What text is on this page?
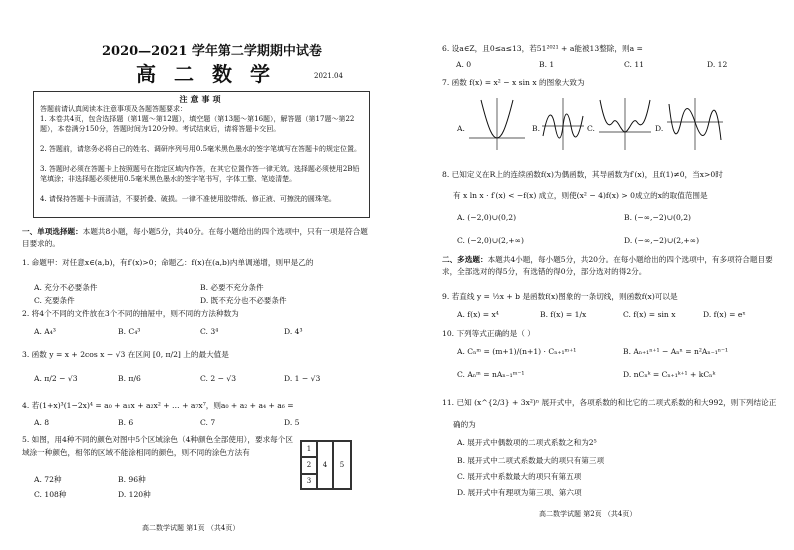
2020—2021 学年第二学期期中试卷
高二数学	2021.04
注意事项

答题前请认真阅读本注意事项及各题答题要求：

1. 本卷共4页，包含选择题（第1题～第12题），填空题（第13题～第16题），解答题（第17题～第22题），本卷满分150分，答题时间为120分钟。考试结束后，请将答题卡交回。

2. 答题前，请您务必将自己的姓名、调研序列号用0.5毫米黑色墨水的签字笔填写在答题卡的规定位置。

3. 答题时必须在答题卡上按照题号在指定区域内作答，在其它位置作答一律无效。选择题必须使用2B铅笔填涂；非选择题必须使用0.5毫米黑色墨水的签字笔书写，字体工整、笔迹清楚。

4. 请保持答题卡卡面清洁，不要折叠、破损。一律不准使用胶带纸、修正液、可擦洗的圆珠笔。

一、单项选择题：本题共8小题，每小题5分，共40分。在每小题给出的四个选项中，只有一项是符合题目要求的。
1. 命题甲：对任意x∈(a,b)，有f′(x)>0；命题乙：f(x)在(a,b)内单调递增，则甲是乙的
A. 充分不必要条件	B. 必要不充分条件
C. 充要条件	D. 既不充分也不必要条件
2. 将4个不同的文件放在3个不同的抽屉中，则不同的方法种数为
A. A₄³	B. C₄³	C. 3⁴	D. 4³
3. 函数 y = x + 2cos x − √3 在区间 [0, π/2] 上的最大值是
A. π/2 − √3	B. π/6	C. 2 − √3	D. 1 − √3
4. 若(1+x)³(1−2x)⁴ = a₀ + a₁x + a₂x² + … + a₇x⁷，则a₀ + a₂ + a₄ + a₆ =
A. 8	B. 6	C. 7	D. 5
5. 如图，用4种不同的颜色对图中5个区域涂色（4种颜色全部使用），要求每个区域涂一种颜色，相邻的区域不能涂相同的颜色，则不同的涂色方法有
A. 72种	B. 96种
C. 108种	D. 120种
1
2
3
4	5
高二数学试题 第1页 （共4页）
6. 设a∈Z，且0≤a≤13，若51²⁰²¹ + a能被13整除，则a =
A. 0	B. 1	C. 11	D. 12
7. 函数 f(x) = x² − x sin x 的图象大致为
A.	B.	C.	D.
8. 已知定义在R上的连续函数f(x)为偶函数，其导函数为f′(x)，且f(1)≠0，当x>0时
有 x ln x · f′(x) < −f(x) 成立，则使(x² − 4)f(x) > 0成立的x的取值范围是
A. (−2,0)∪(0,2)	B. (−∞,−2)∪(0,2)
C. (−2,0)∪(2,+∞)	D. (−∞,−2)∪(2,+∞)
二、多选题：本题共4小题，每小题5分，共20分。在每小题给出的四个选项中，有多项符合题目要求，全部选对的得5分，有选错的得0分，部分选对的得2分。
9. 若直线 y = ½x + b 是函数f(x)图象的一条切线，则函数f(x)可以是
A. f(x) = x⁴	B. f(x) = 1/x	C. f(x) = sin x	D. f(x) = eˣ
10. 下列等式正确的是（ ）
A. Cₙᵐ = (m+1)/(n+1) · Cₙ₊₁ᵐ⁺¹	B. Aₙ₊₁ⁿ⁺¹ − Aₙⁿ = n²Aₙ₋₁ⁿ⁻¹
C. Aₙᵐ = nAₙ₋₁ᵐ⁻¹	D. nCₙᵏ = Cₙ₊₁ᵏ⁺¹ + kCₙᵏ
11. 已知 (x^{2/3} + 3x²)ⁿ 展开式中，各项系数的和比它的二项式系数的和大992，则下列结论正
确的为
A. 展开式中偶数项的二项式系数之和为2⁵
B. 展开式中二项式系数最大的项只有第三项
C. 展开式中系数最大的项只有第五项
D. 展开式中有理项为第三项、第六项
高二数学试题 第2页 （共4页）
